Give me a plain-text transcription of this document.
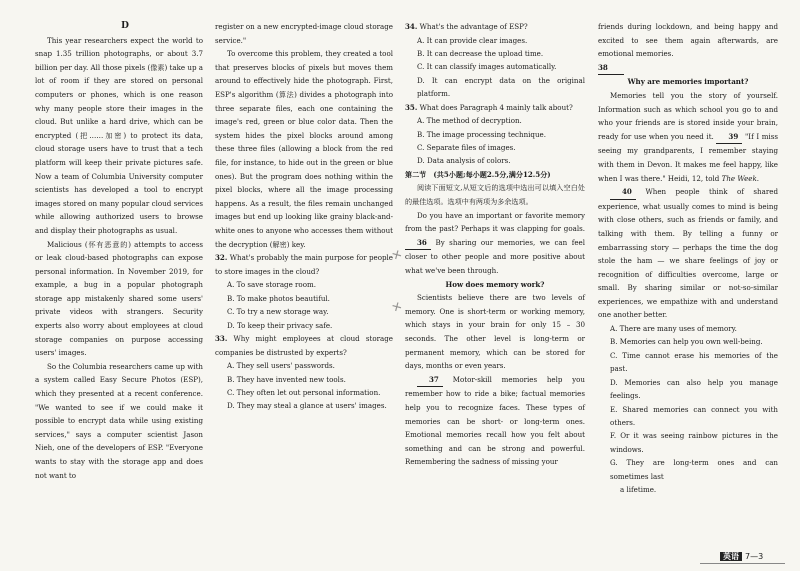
D

This year researchers expect the world to snap 1.35 trillion photographs, or about 3.7 billion per day. All those pixels (像素) take up a lot of room if they are stored on personal computers or phones, which is one reason why many people store their images in the cloud. But unlike a hard drive, which can be encrypted (把……加密) to protect its data, cloud storage users have to trust that a tech platform will keep their private pictures safe. Now a team of Columbia University computer scientists has developed a tool to encrypt images stored on many popular cloud services while allowing authorized users to browse and display their photographs as usual.

Malicious (怀有恶意的) attempts to access or leak cloud-based photographs can expose personal information. In November 2019, for example, a bug in a popular photograph storage app mistakenly shared some users' private videos with strangers. Security experts also worry about employees at cloud storage companies on purpose accessing users' images.

So the Columbia researchers came up with a system called Easy Secure Photos (ESP), which they presented at a recent conference. "We wanted to see if we could make it possible to encrypt data while using existing services," says a computer scientist Jason Nieh, one of the developers of ESP. "Everyone wants to stay with the storage app and does not want to

register on a new encrypted-image cloud storage service."

To overcome this problem, they created a tool that preserves blocks of pixels but moves them around to effectively hide the photograph. First, ESP's algorithm (算法) divides a photograph into three separate files, each one containing the image's red, green or blue color data. Then the system hides the pixel blocks around among these three files (allowing a block from the red file, for instance, to hide out in the green or blue ones). But the program does nothing within the pixel blocks, where all the image processing happens. As a result, the files remain unchanged images but end up looking like grainy black-and-white ones to anyone who accesses them without the decryption (解密) key.

32. What's probably the main purpose for people to store images in the cloud?

A. To save storage room.

B. To make photos beautiful.

C. To try a new storage way.

D. To keep their privacy safe.

33. Why might employees at cloud storage companies be distrusted by experts?

A. They sell users' passwords.

B. They have invented new tools.

C. They often let out personal information.

D. They may steal a glance at users' images.

34. What's the advantage of ESP?

A. It can provide clear images.

B. It can decrease the upload time.

C. It can classify images automatically.

D. It can encrypt data on the original platform.

35. What does Paragraph 4 mainly talk about?

A. The method of decryption.

B. The image processing technique.

C. Separate files of images.

D. Data analysis of colors.

第二节　(共5小题;每小题2.5分,满分12.5分)

阅读下面短文,从短文后的选项中选出可以填入空白处的最佳选项。选项中有两项为多余选项。

Do you have an important or favorite memory from the past? Perhaps it was clapping for goals. 36 By sharing our memories, we can feel closer to other people and more positive about what we've been through.

How does memory work?

Scientists believe there are two levels of memory. One is short-term or working memory, which stays in your brain for only 15 – 30 seconds. The other level is long-term or permanent memory, which can be stored for days, months or even years.

37 Motor-skill memories help you remember how to ride a bike; factual memories help you to recognize faces. These types of memories can be short- or long-term ones. Emotional memories recall how you felt about something and can be strong and powerful. Remembering the sadness of missing your

friends during lockdown, and being happy and excited to see them again afterwards, are emotional memories.

38

Why are memories important?

Memories tell you the story of yourself. Information such as which school you go to and who your friends are is stored inside your brain, ready for use when you need it. 39 "If I miss seeing my grandparents, I remember staying with them in Devon. It makes me feel happy, like when I was there." Heidi, 12, told The Week.

40 When people think of shared experience, what usually comes to mind is being with close others, such as friends or family, and talking with them. By telling a funny or embarrassing story — perhaps the time the dog stole the ham — we share feelings of joy or recognition of difficulties overcome, large or small. By sharing similar or not-so-similar experiences, we empathize with and understand one another better.

A. There are many uses of memory.

B. Memories can help you own well-being.

C. Time cannot erase his memories of the past.

D. Memories can also help you manage feelings.

E. Shared memories can connect you with others.

F. Or it was seeing rainbow pictures in the windows.

G. They are long-term ones and can sometimes last

a lifetime.

✕
✕
英语 7—3
